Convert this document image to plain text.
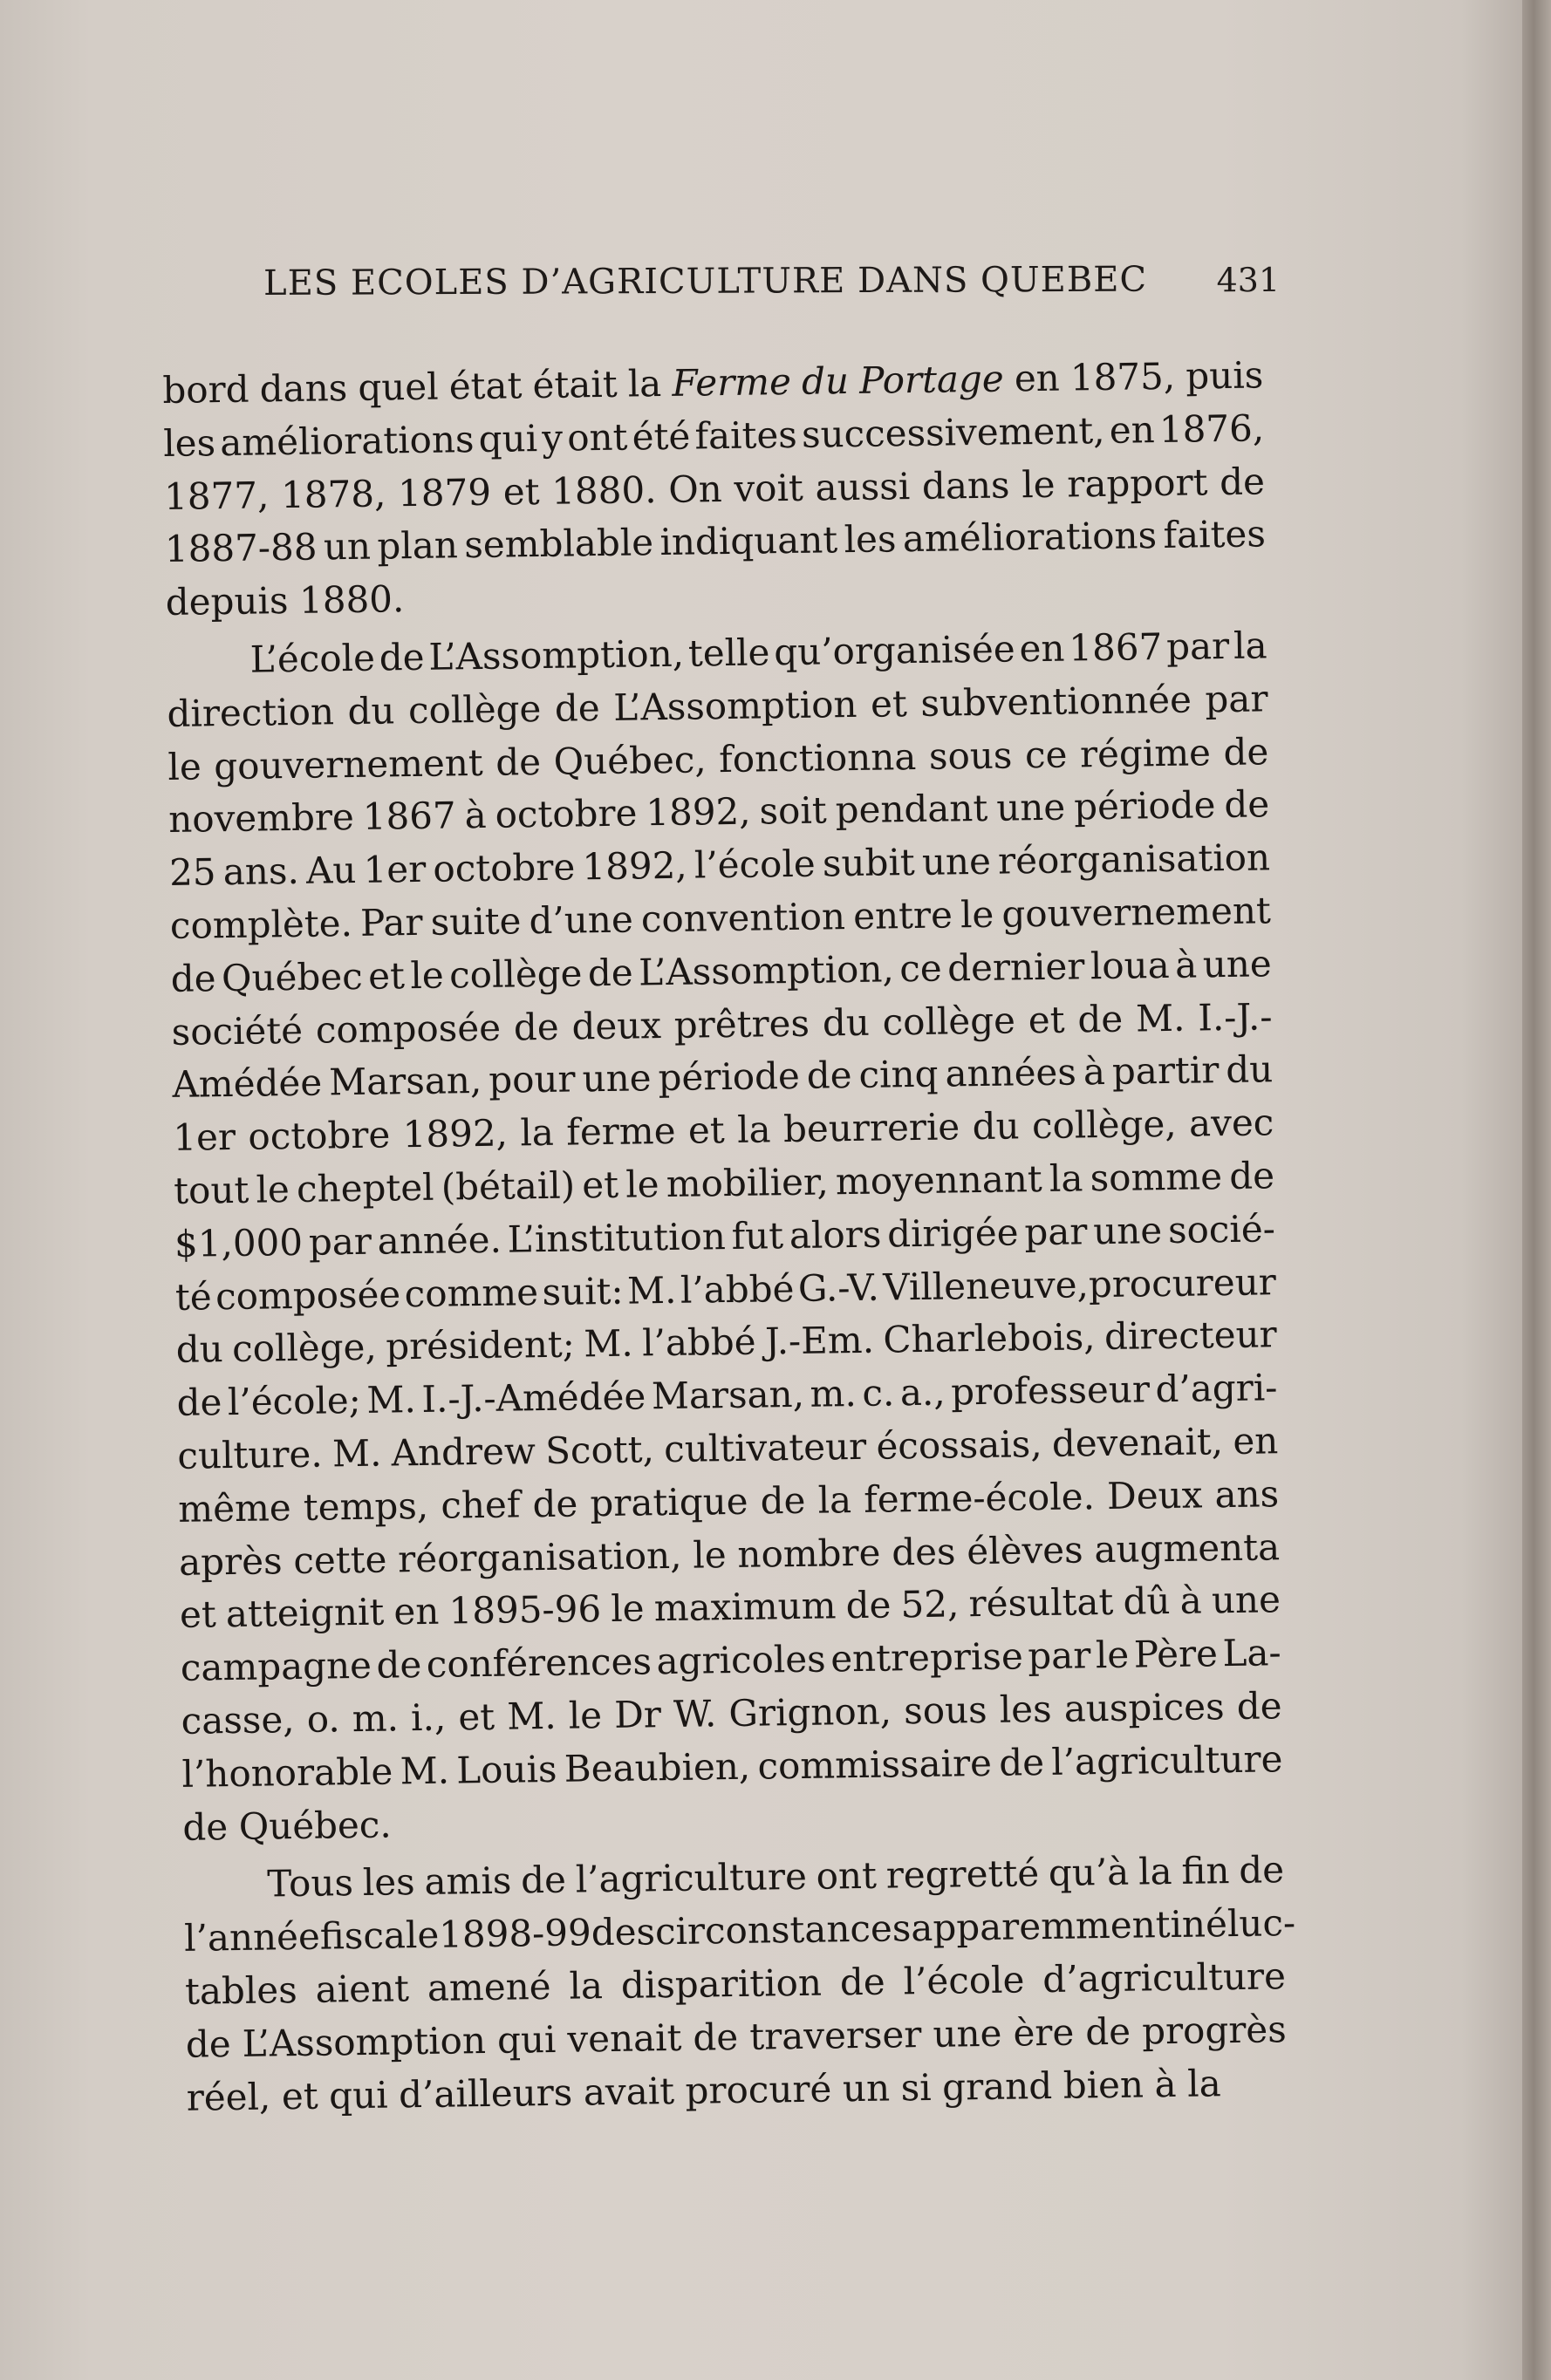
LES ECOLES D’AGRICULTURE DANS QUEBEC 431
bord dans quel état était la Ferme du Portage en 1875, puis
les améliorations qui y ont été faites successivement, en 1876,
1877, 1878, 1879 et 1880. On voit aussi dans le rapport de
1887-88 un plan semblable indiquant les améliorations faites
depuis 1880.
L’école de L’Assomption, telle qu’organisée en 1867 par la
direction du collège de L’Assomption et subventionnée par
le gouvernement de Québec, fonctionna sous ce régime de
novembre 1867 à octobre 1892, soit pendant une période de
25 ans. Au 1er octobre 1892, l’école subit une réorganisation
complète. Par suite d’une convention entre le gouvernement
de Québec et le collège de L’Assomption, ce dernier loua à une
société composée de deux prêtres du collège et de M. I.-J.-
Amédée Marsan, pour une période de cinq années à partir du
1er octobre 1892, la ferme et la beurrerie du collège, avec
tout le cheptel (bétail) et le mobilier, moyennant la somme de
$1,000 par année. L’institution fut alors dirigée par une socié-
té composée comme suit: M. l’abbé G.-V. Villeneuve,procureur
du collège, président; M. l’abbé J.-Em. Charlebois, directeur
de l’école; M. I.-J.-Amédée Marsan, m. c. a., professeur d’agri-
culture. M. Andrew Scott, cultivateur écossais, devenait, en
même temps, chef de pratique de la ferme-école. Deux ans
après cette réorganisation, le nombre des élèves augmenta
et atteignit en 1895-96 le maximum de 52, résultat dû à une
campagne de conférences agricoles entreprise par le Père La-
casse, o. m. i., et M. le Dr W. Grignon, sous les auspices de
l’honorable M. Louis Beaubien, commissaire de l’agriculture
de Québec.
Tous les amis de l’agriculture ont regretté qu’à la fin de
l’année fiscale 1898-99 des circonstances apparemment inéluc-
tables aient amené la disparition de l’école d’agriculture
de L’Assomption qui venait de traverser une ère de progrès
réel, et qui d’ailleurs avait procuré un si grand bien à la
